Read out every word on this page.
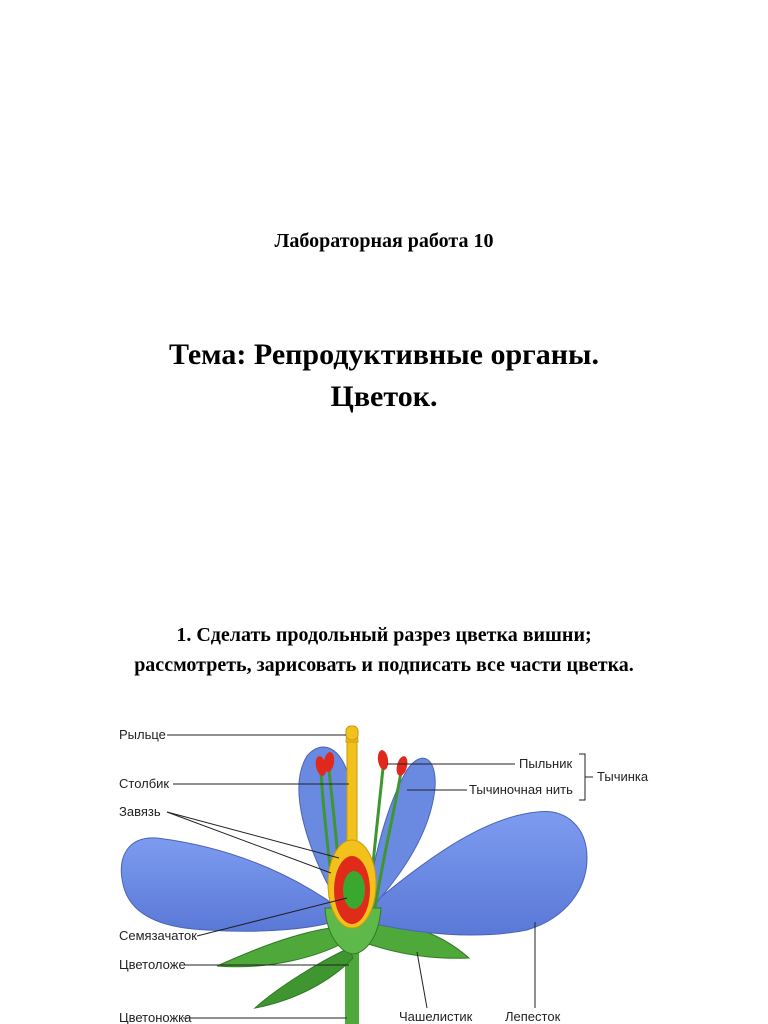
Лабораторная работа 10
Тема: Репродуктивные органы.
Цветок.
1. Сделать продольный разрез цветка вишни;
рассмотреть, зарисовать и подписать все части цветка.
Рыльце
Столбик
Завязь
Семязачаток
Цветоложе
Цветоножка
Пыльник
Тычиночная нить
Тычинка
Чашелистик	Лепесток
